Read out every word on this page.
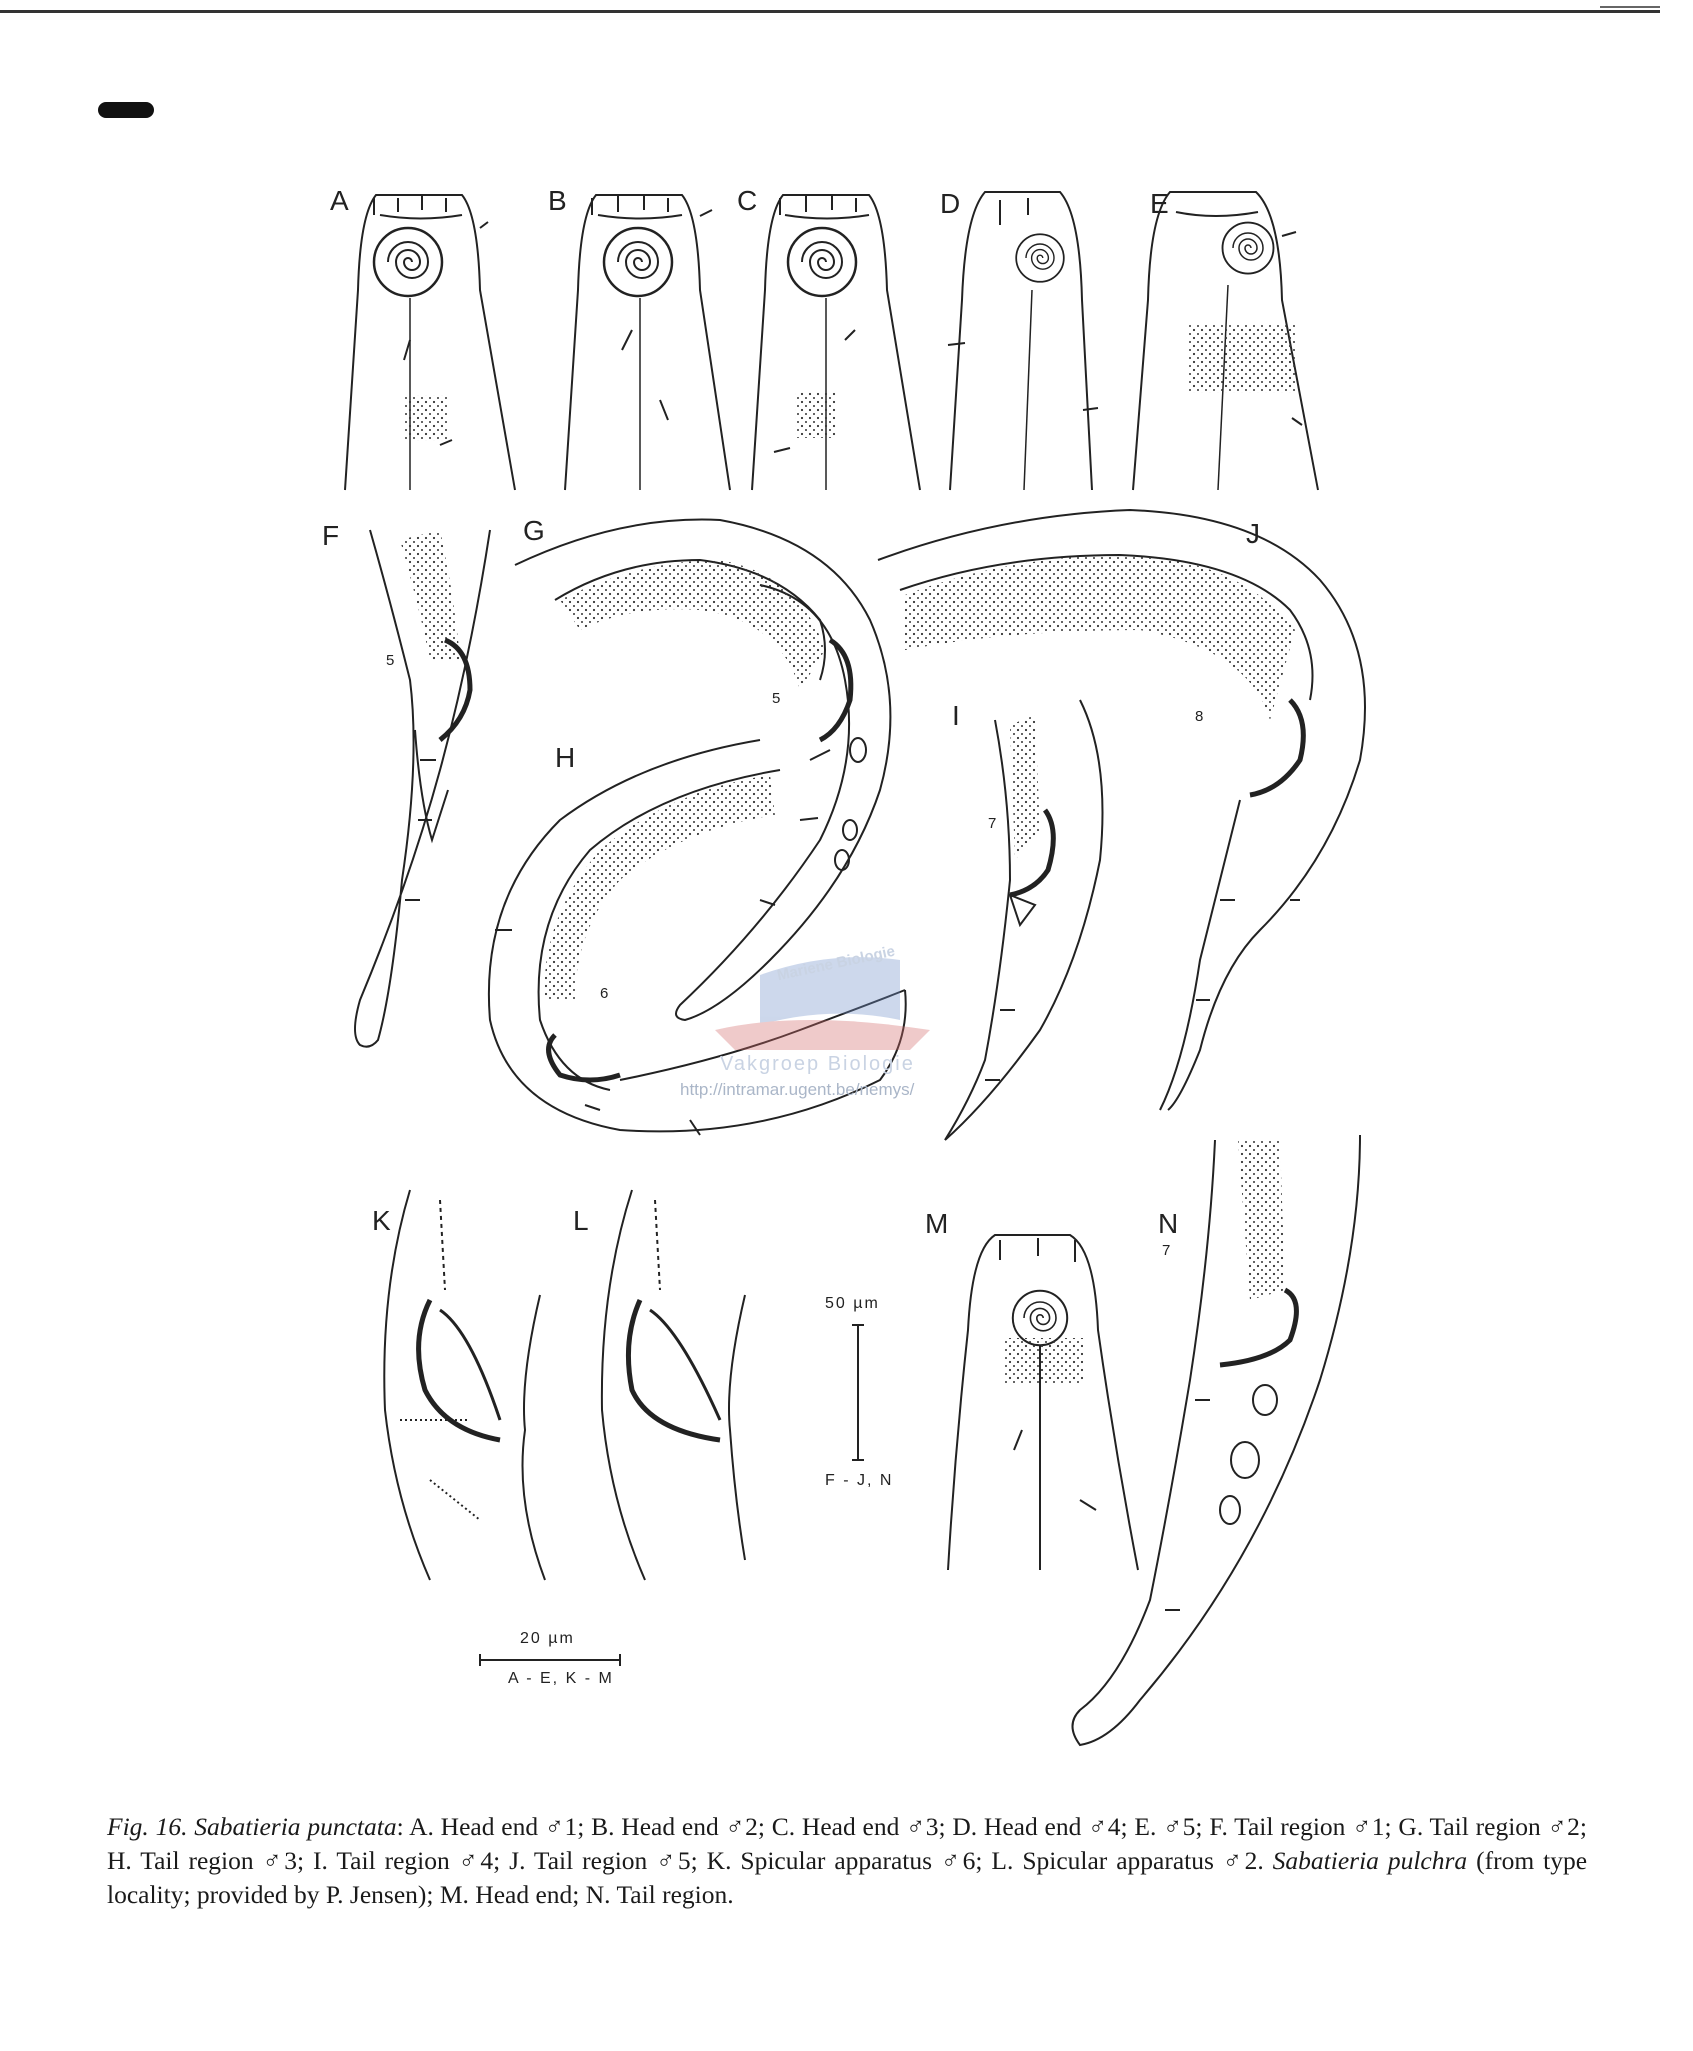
A	B	C	D	E
F	G
H
I
J
K	L	M	N
5
5
6
7
8
7
50 µm
F - J, N
20 µm
A - E, K - M
Mariene Biologie
Vakgroep Biologie
http://intramar.ugent.be/nemys/
Fig. 16. Sabatieria punctata: A. Head end ♂1; B. Head end ♂2; C. Head end ♂3; D. Head end ♂4; E. ♂5; F. Tail region ♂1; G. Tail region ♂2; H. Tail region ♂3; I. Tail region ♂4; J. Tail region ♂5; K. Spicular apparatus ♂6; L. Spicular apparatus ♂2. Sabatieria pulchra (from type locality; provided by P. Jensen); M. Head end; N. Tail region.
